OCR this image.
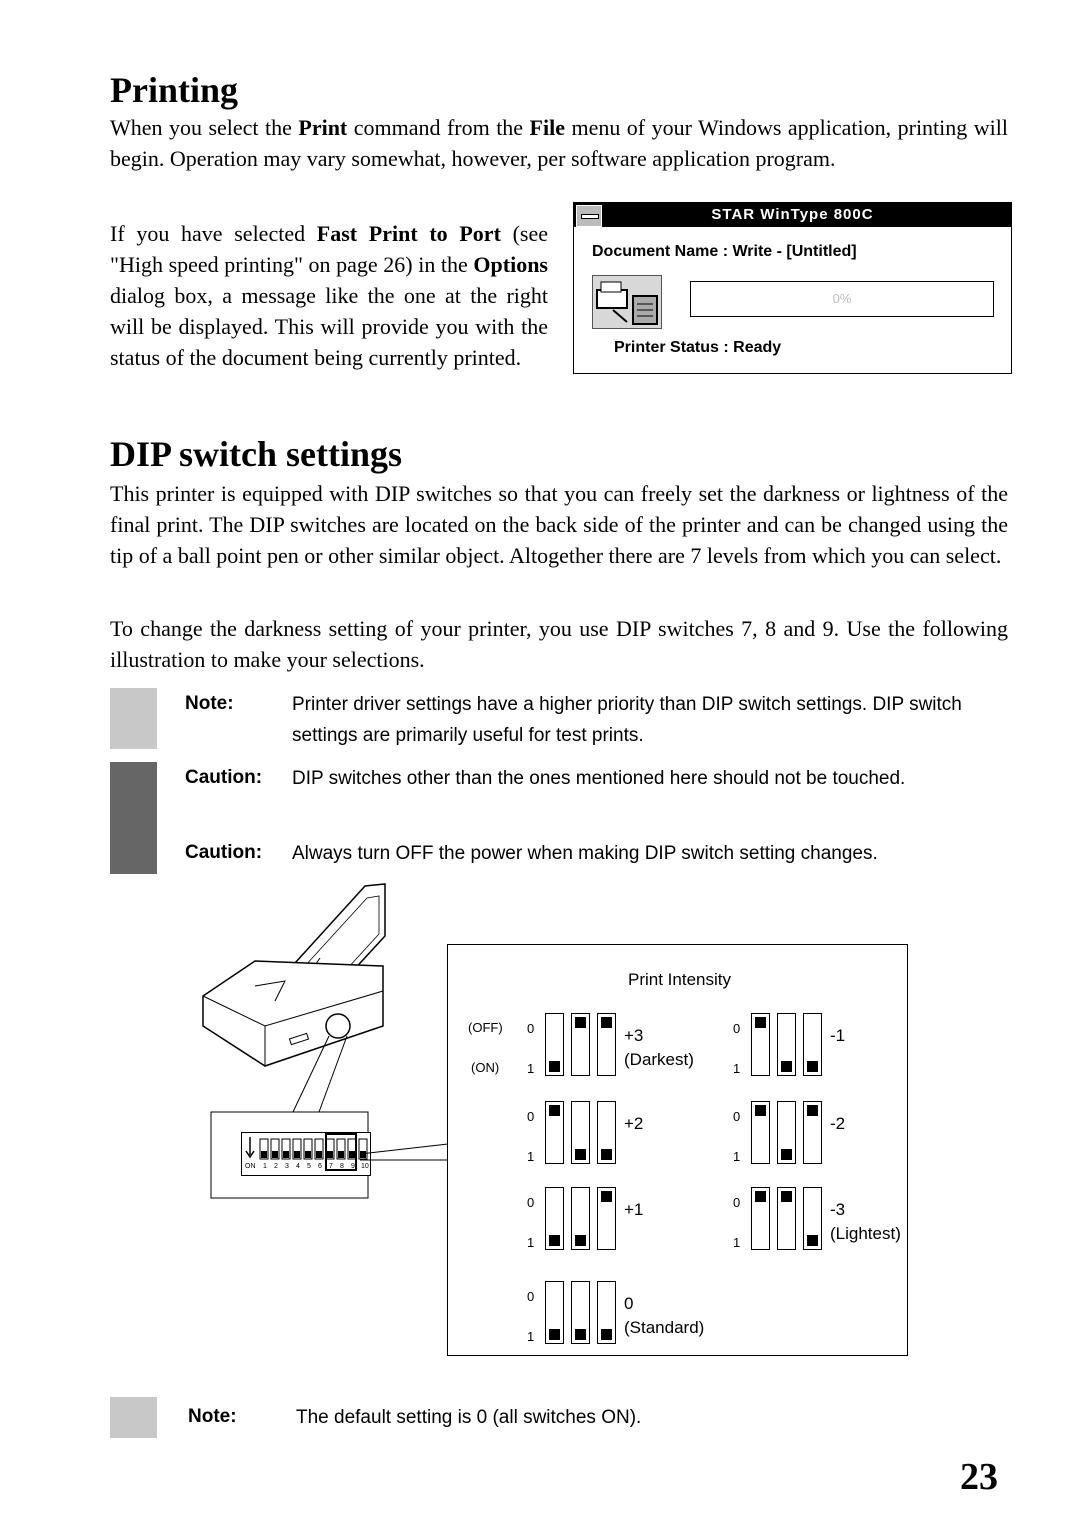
Printing

When you select the Print command from the File menu of your Windows application, printing will begin. Operation may vary somewhat, however, per software application program.

If you have selected Fast Print to Port (see "High speed printing" on page 26) in the Options dialog box, a message like the one at the right will be displayed. This will provide you with the status of the document being currently printed.

STAR WinType 800C
Document Name : Write - [Untitled]
0%
Printer Status : Ready
DIP switch settings

This printer is equipped with DIP switches so that you can freely set the darkness or lightness of the final print. The DIP switches are located on the back side of the printer and can be changed using the tip of a ball point pen or other similar object. Altogether there are 7 levels from which you can select.

To change the darkness setting of your printer, you use DIP switches 7, 8 and 9. Use the following illustration to make your selections.

Note:	Printer driver settings have a higher priority than DIP switch settings. DIP switch settings are primarily useful for test prints.
Caution: DIP switches other than the ones mentioned here should not be touched.
Caution: Always turn OFF the power when making DIP switch setting changes.
ON 1 2 3 4 5 6 7 8 9 10
Print Intensity
(OFF)
(ON)
0
1
+3
(Darkest)
0
1
+2
0
1
+1
0
1
0
(Standard)
0
1
-1
0
1
-2
0
1
-3
(Lightest)
Note:	The default setting is 0 (all switches ON).
23
